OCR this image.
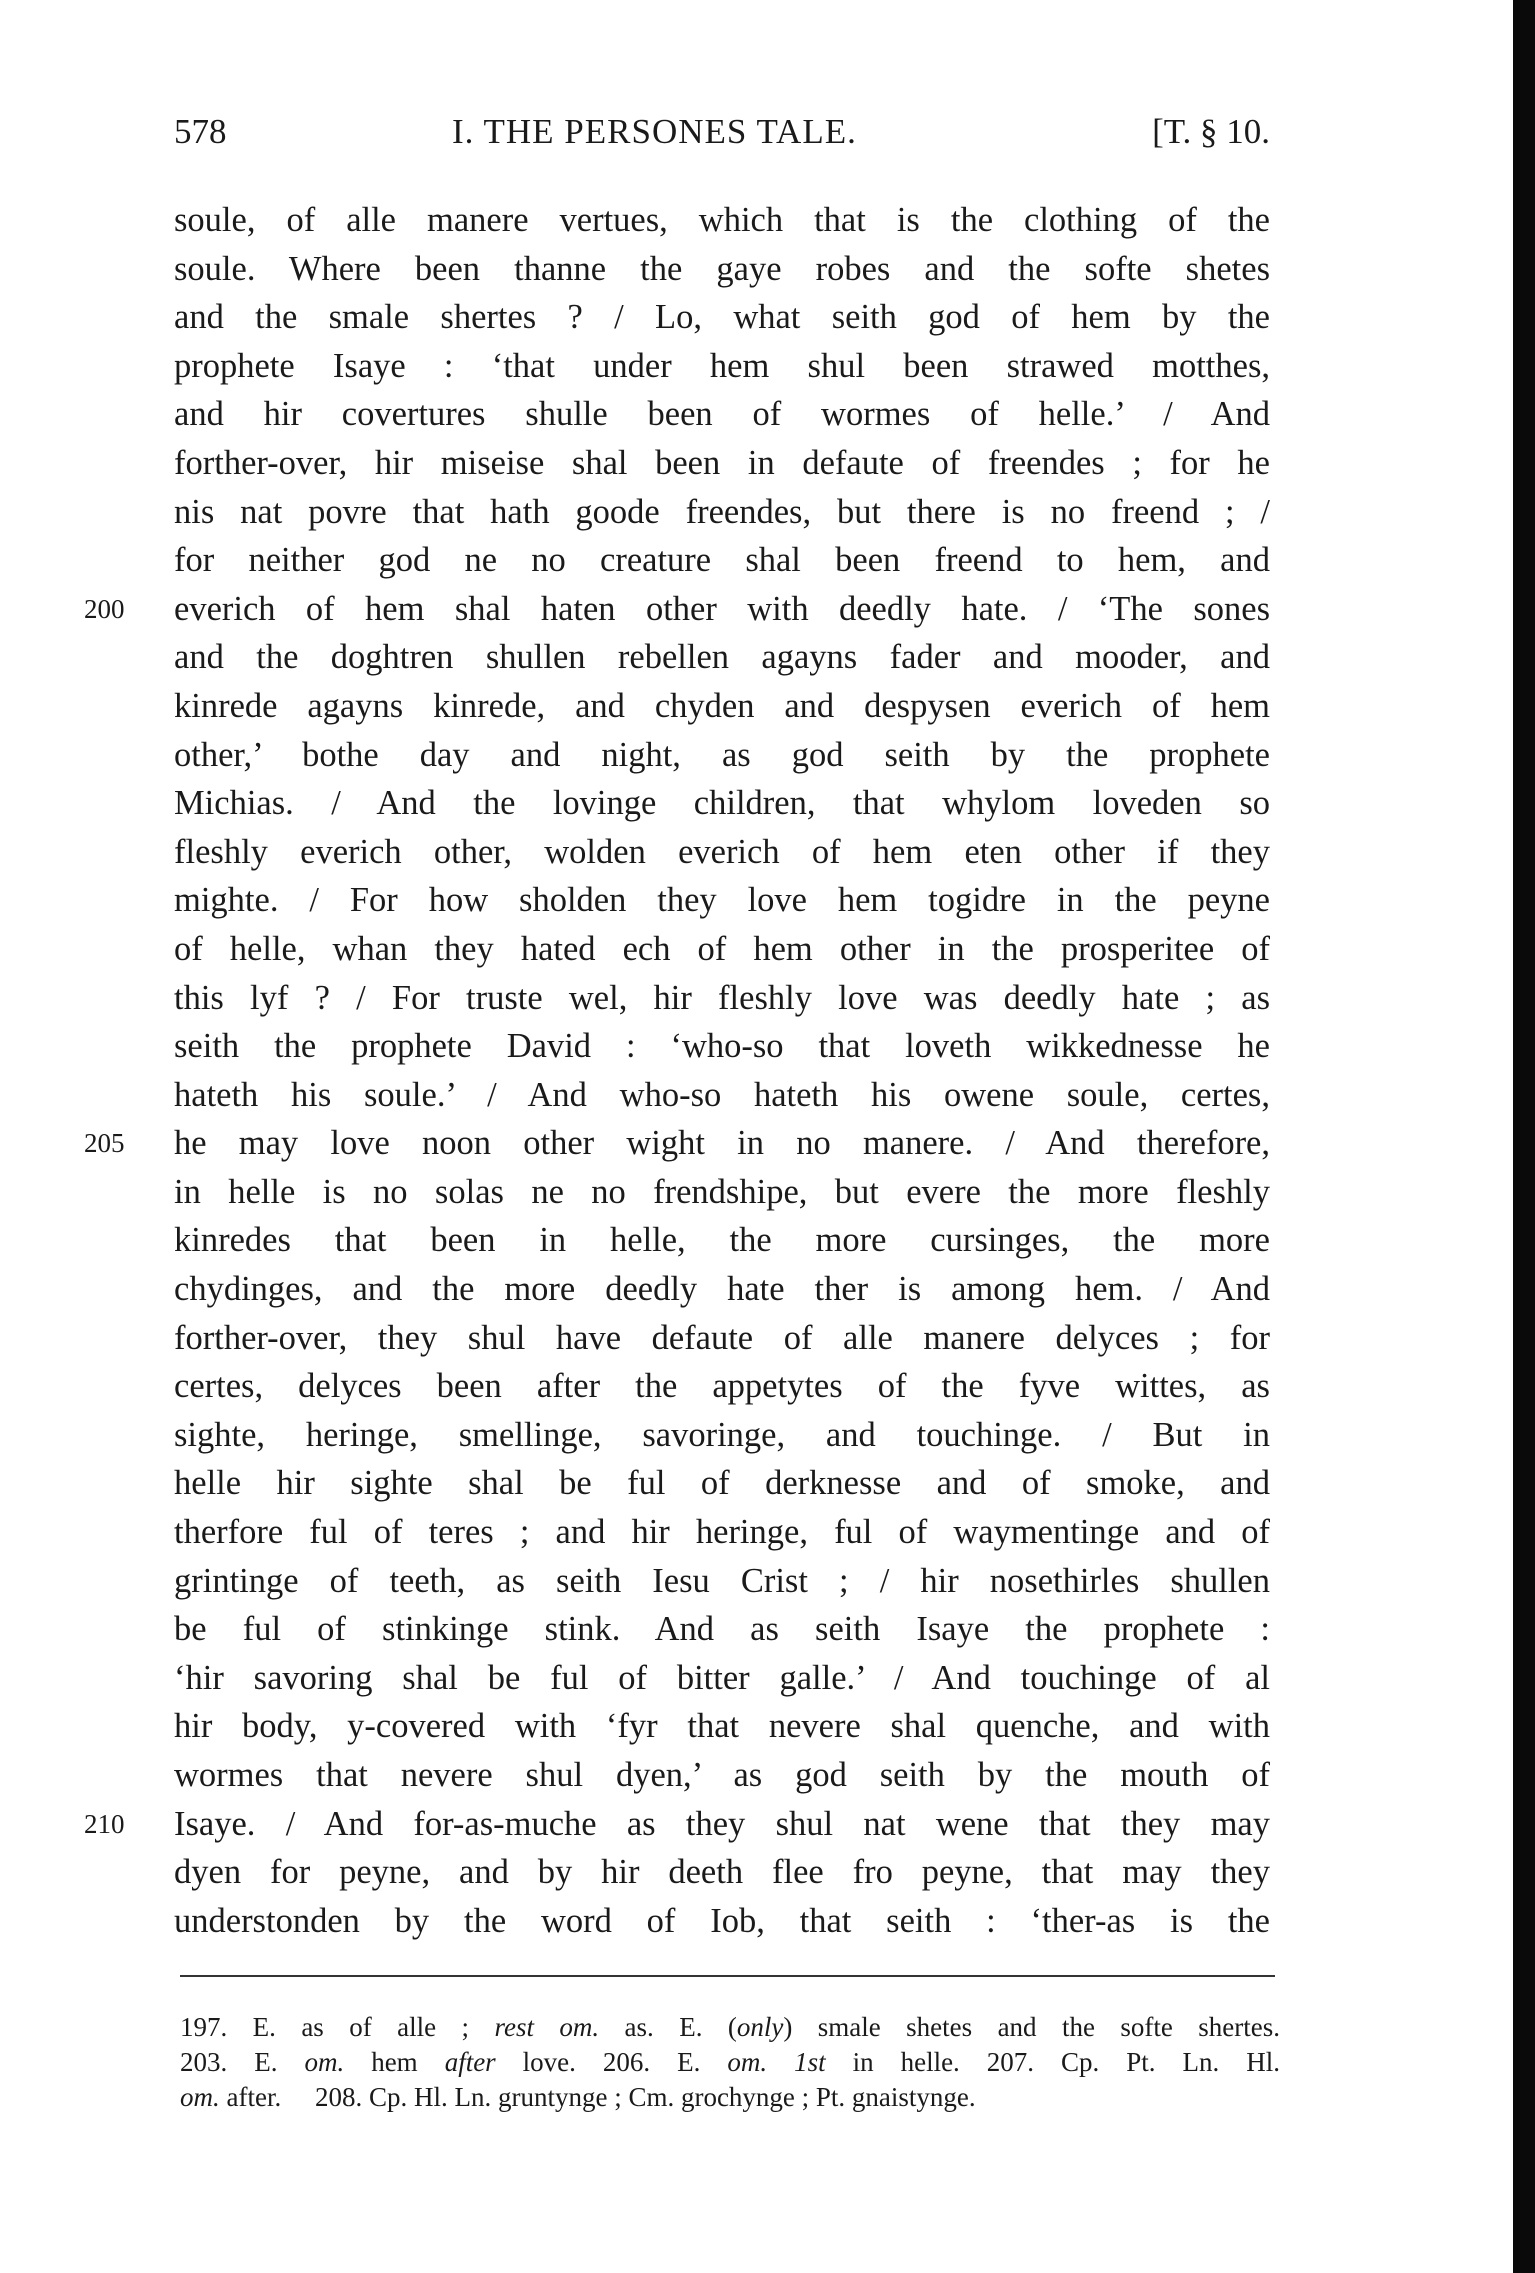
578	I. THE PERSONES TALE.	[T. § 10.
soule, of alle manere vertues, which that is the clothing of the
soule. Where been thanne the gaye robes and the softe shetes
and the smale shertes ? / Lo, what seith god of hem by the
prophete Isaye : ‘that under hem shul been strawed motthes,
and hir covertures shulle been of wormes of helle.’ / And
forther-over, hir miseise shal been in defaute of freendes ; for he
nis nat povre that hath goode freendes, but there is no freend ; /
for neither god ne no creature shal been freend to hem, and
200 everich of hem shal haten other with deedly hate. / ‘The sones
and the doghtren shullen rebellen agayns fader and mooder, and
kinrede agayns kinrede, and chyden and despysen everich of hem
other,’ bothe day and night, as god seith by the prophete
Michias. / And the lovinge children, that whylom loveden so
fleshly everich other, wolden everich of hem eten other if they
mighte. / For how sholden they love hem togidre in the peyne
of helle, whan they hated ech of hem other in the prosperitee of
this lyf ? / For truste wel, hir fleshly love was deedly hate ; as
seith the prophete David : ‘who-so that loveth wikkednesse he
hateth his soule.’ / And who-so hateth his owene soule, certes,
205 he may love noon other wight in no manere. / And therefore,
in helle is no solas ne no frendshipe, but evere the more fleshly
kinredes that been in helle, the more cursinges, the more
chydinges, and the more deedly hate ther is among hem. / And
forther-over, they shul have defaute of alle manere delyces ; for
certes, delyces been after the appetytes of the fyve wittes, as
sighte, heringe, smellinge, savoringe, and touchinge. / But in
helle hir sighte shal be ful of derknesse and of smoke, and
therfore ful of teres ; and hir heringe, ful of waymentinge and of
grintinge of teeth, as seith Iesu Crist ; / hir nosethirles shullen
be ful of stinkinge stink. And as seith Isaye the prophete :
‘hir savoring shal be ful of bitter galle.’ / And touchinge of al
hir body, y-covered with ‘fyr that nevere shal quenche, and with
wormes that nevere shul dyen,’ as god seith by the mouth of
210 Isaye. / And for-as-muche as they shul nat wene that they may
dyen for peyne, and by hir deeth flee fro peyne, that may they
understonden by the word of Iob, that seith : ‘ther-as is the
197. E. as of alle ; rest om. as. E. (only) smale shetes and the softe shertes.
203. E. om. hem after love. 206. E. om. 1st in helle. 207. Cp. Pt. Ln. Hl.
om. after.     208. Cp. Hl. Ln. gruntynge ; Cm. grochynge ; Pt. gnaistynge.
